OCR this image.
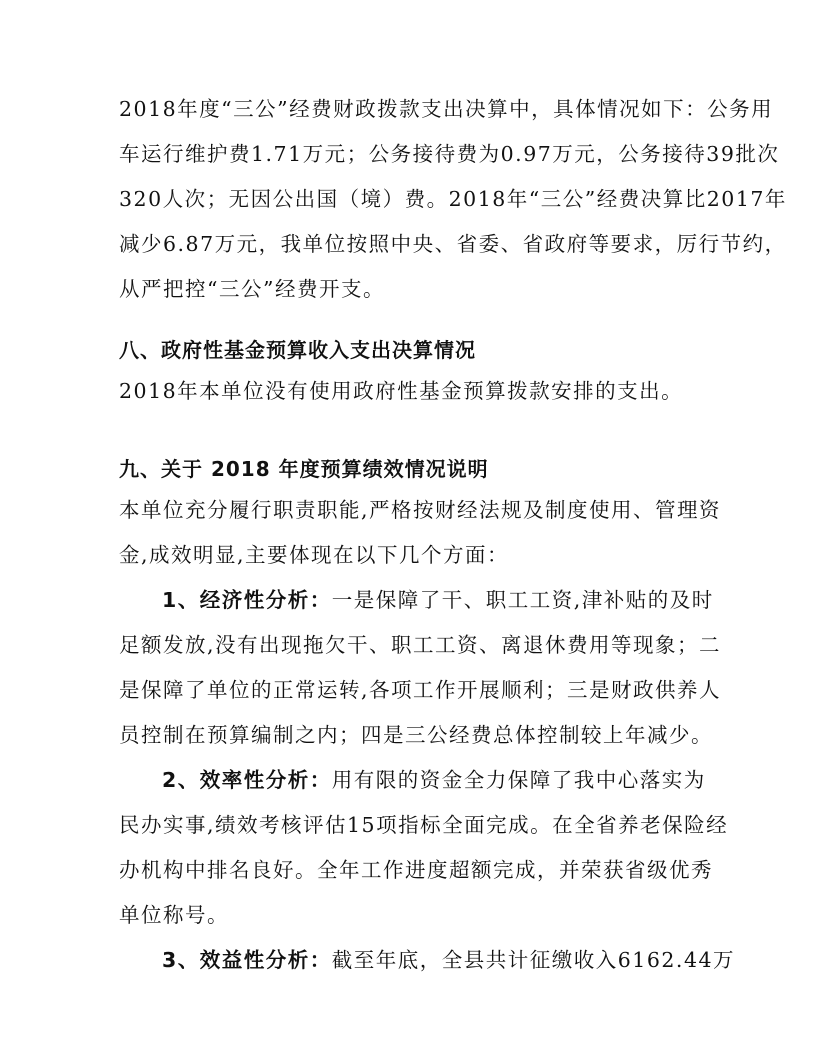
2018年度“三公”经费财政拨款支出决算中，具体情况如下：公务用
车运行维护费1.71万元；公务接待费为0.97万元，公务接待39批次
320人次；无因公出国（境）费。2018年“三公”经费决算比2017年
减少6.87万元，我单位按照中央、省委、省政府等要求，厉行节约，
从严把控“三公”经费开支。
八、政府性基金预算收入支出决算情况
2018年本单位没有使用政府性基金预算拨款安排的支出。
九、关于 2018 年度预算绩效情况说明
本单位充分履行职责职能,严格按财经法规及制度使用、管理资
金,成效明显,主要体现在以下几个方面：
1、经济性分析：一是保障了干、职工工资,津补贴的及时
足额发放,没有出现拖欠干、职工工资、离退休费用等现象；二
是保障了单位的正常运转,各项工作开展顺利；三是财政供养人
员控制在预算编制之内；四是三公经费总体控制较上年减少。
2、效率性分析：用有限的资金全力保障了我中心落实为
民办实事,绩效考核评估15项指标全面完成。在全省养老保险经
办机构中排名良好。全年工作进度超额完成，并荣获省级优秀
单位称号。
3、效益性分析：截至年底，全县共计征缴收入6162.44万
